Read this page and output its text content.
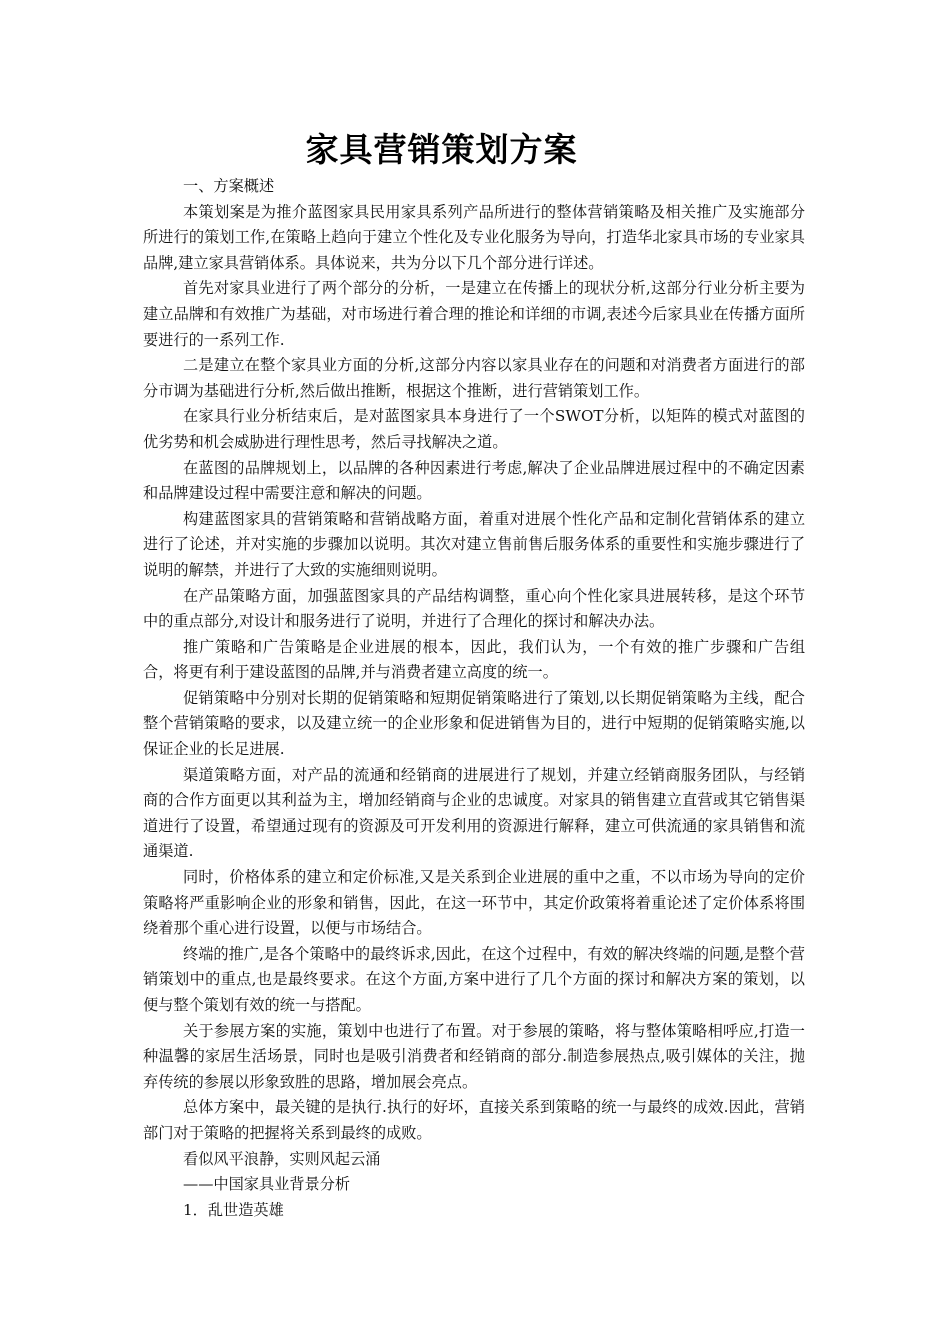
家具营销策划方案

一、方案概述

本策划案是为推介蓝图家具民用家具系列产品所进行的整体营销策略及相关推广及实施部分所进行的策划工作,在策略上趋向于建立个性化及专业化服务为导向，打造华北家具市场的专业家具品牌,建立家具营销体系。具体说来，共为分以下几个部分进行详述。

首先对家具业进行了两个部分的分析，一是建立在传播上的现状分析,这部分行业分析主要为建立品牌和有效推广为基础，对市场进行着合理的推论和详细的市调,表述今后家具业在传播方面所要进行的一系列工作.

二是建立在整个家具业方面的分析,这部分内容以家具业存在的问题和对消费者方面进行的部分市调为基础进行分析,然后做出推断，根据这个推断，进行营销策划工作。

在家具行业分析结束后，是对蓝图家具本身进行了一个SWOT分析，以矩阵的模式对蓝图的优劣势和机会威胁进行理性思考，然后寻找解决之道。

在蓝图的品牌规划上，以品牌的各种因素进行考虑,解决了企业品牌进展过程中的不确定因素和品牌建设过程中需要注意和解决的问题。

构建蓝图家具的营销策略和营销战略方面，着重对进展个性化产品和定制化营销体系的建立进行了论述，并对实施的步骤加以说明。其次对建立售前售后服务体系的重要性和实施步骤进行了说明的解禁，并进行了大致的实施细则说明。

在产品策略方面，加强蓝图家具的产品结构调整，重心向个性化家具进展转移，是这个环节中的重点部分,对设计和服务进行了说明，并进行了合理化的探讨和解决办法。

推广策略和广告策略是企业进展的根本，因此，我们认为，一个有效的推广步骤和广告组合，将更有利于建设蓝图的品牌,并与消费者建立高度的统一。

促销策略中分别对长期的促销策略和短期促销策略进行了策划,以长期促销策略为主线，配合整个营销策略的要求，以及建立统一的企业形象和促进销售为目的，进行中短期的促销策略实施,以保证企业的长足进展.

渠道策略方面，对产品的流通和经销商的进展进行了规划，并建立经销商服务团队，与经销商的合作方面更以其利益为主，增加经销商与企业的忠诚度。对家具的销售建立直营或其它销售渠道进行了设置，希望通过现有的资源及可开发利用的资源进行解释，建立可供流通的家具销售和流通渠道.

同时，价格体系的建立和定价标准,又是关系到企业进展的重中之重，不以市场为导向的定价策略将严重影响企业的形象和销售，因此，在这一环节中，其定价政策将着重论述了定价体系将围绕着那个重心进行设置，以便与市场结合。

终端的推广,是各个策略中的最终诉求,因此，在这个过程中，有效的解决终端的问题,是整个营销策划中的重点,也是最终要求。在这个方面,方案中进行了几个方面的探讨和解决方案的策划，以便与整个策划有效的统一与搭配。

关于参展方案的实施，策划中也进行了布置。对于参展的策略，将与整体策略相呼应,打造一种温馨的家居生活场景，同时也是吸引消费者和经销商的部分.制造参展热点,吸引媒体的关注，抛弃传统的参展以形象致胜的思路，增加展会亮点。

总体方案中，最关键的是执行.执行的好坏，直接关系到策略的统一与最终的成效.因此，营销部门对于策略的把握将关系到最终的成败。

看似风平浪静，实则风起云涌

——中国家具业背景分析

1．乱世造英雄
